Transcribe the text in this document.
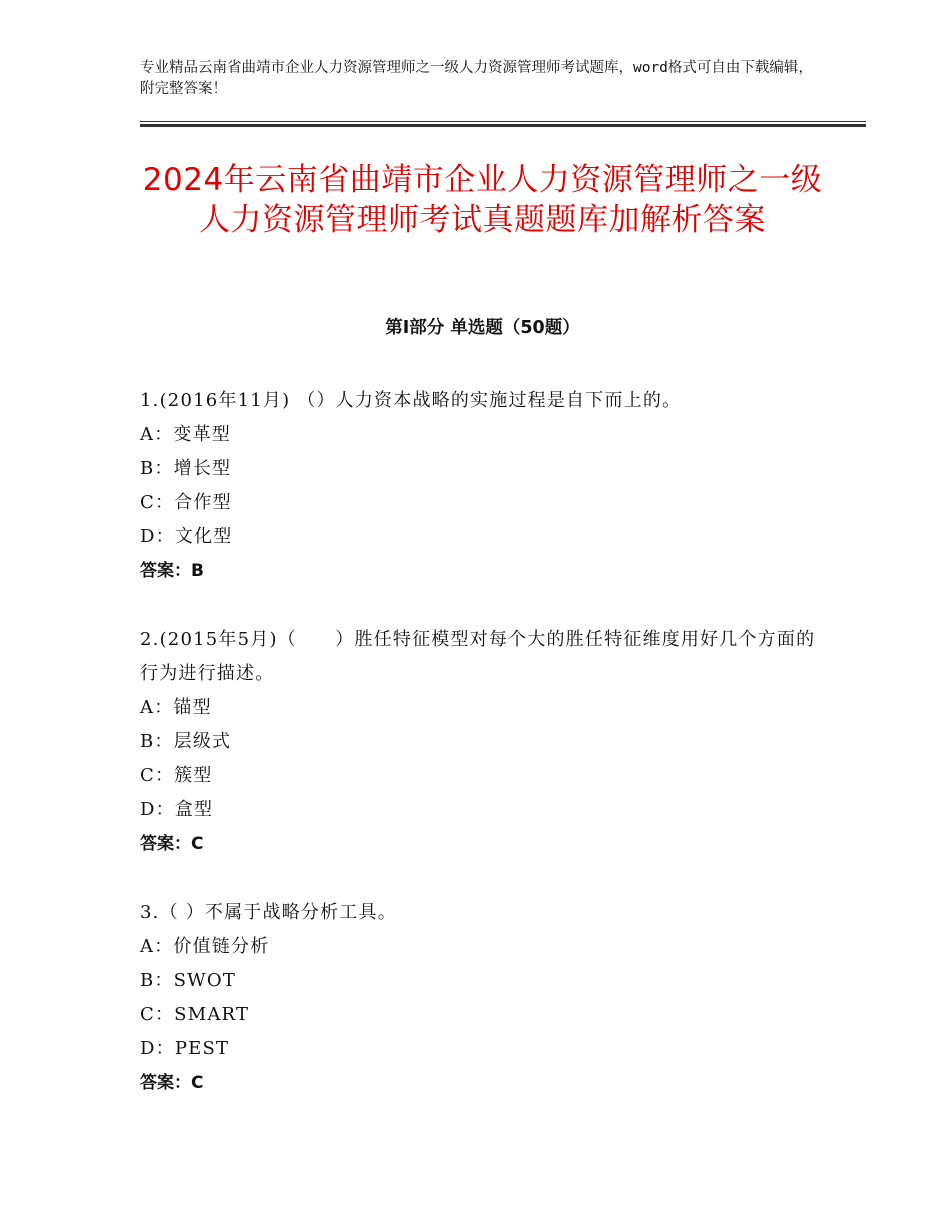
专业精品云南省曲靖市企业人力资源管理师之一级人力资源管理师考试题库，word格式可自由下载编辑，附完整答案！
2024年云南省曲靖市企业人力资源管理师之一级人力资源管理师考试真题题库加解析答案
第Ⅰ部分 单选题（50题）
1.(2016年11月) （）人力资本战略的实施过程是自下而上的。
A：变革型
B：增长型
C：合作型
D：文化型
答案：B
2.(2015年5月)（　　）胜任特征模型对每个大的胜任特征维度用好几个方面的行为进行描述。
A：锚型
B：层级式
C：簇型
D：盒型
答案：C
3.（ ）不属于战略分析工具。
A：价值链分析
B：SWOT
C：SMART
D：PEST
答案：C
